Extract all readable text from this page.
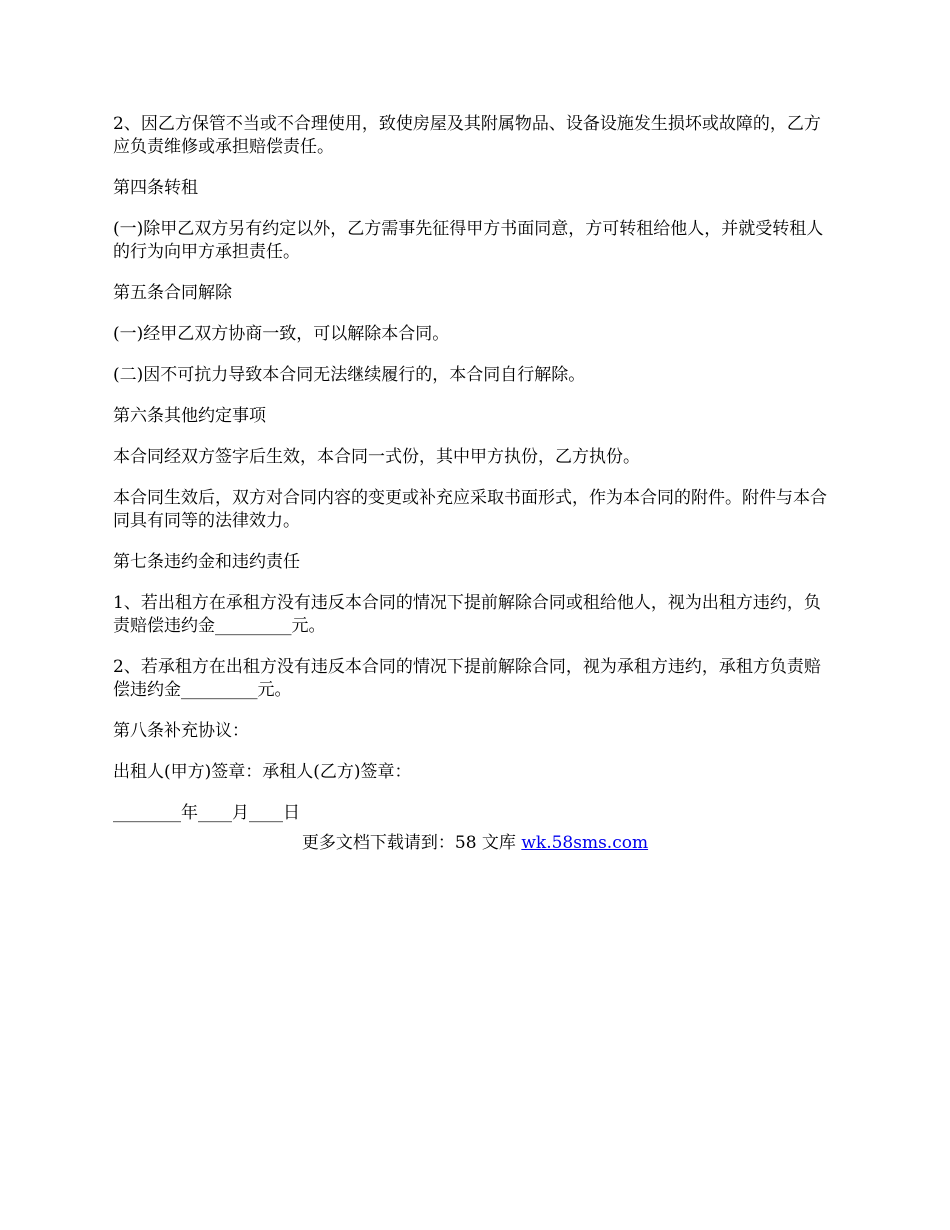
2、因乙方保管不当或不合理使用，致使房屋及其附属物品、设备设施发生损坏或故障的，乙方应负责维修或承担赔偿责任。

第四条转租

(一)除甲乙双方另有约定以外，乙方需事先征得甲方书面同意，方可转租给他人，并就受转租人的行为向甲方承担责任。

第五条合同解除

(一)经甲乙双方协商一致，可以解除本合同。

(二)因不可抗力导致本合同无法继续履行的，本合同自行解除。

第六条其他约定事项

本合同经双方签字后生效，本合同一式份，其中甲方执份，乙方执份。

本合同生效后，双方对合同内容的变更或补充应采取书面形式，作为本合同的附件。附件与本合同具有同等的法律效力。

第七条违约金和违约责任

1、若出租方在承租方没有违反本合同的情况下提前解除合同或租给他人，视为出租方违约，负责赔偿违约金_________元。

2、若承租方在出租方没有违反本合同的情况下提前解除合同，视为承租方违约，承租方负责赔偿违约金_________元。

第八条补充协议：

出租人(甲方)签章：承租人(乙方)签章：

________年____月____日

更多文档下载请到：58 文库 wk.58sms.com
